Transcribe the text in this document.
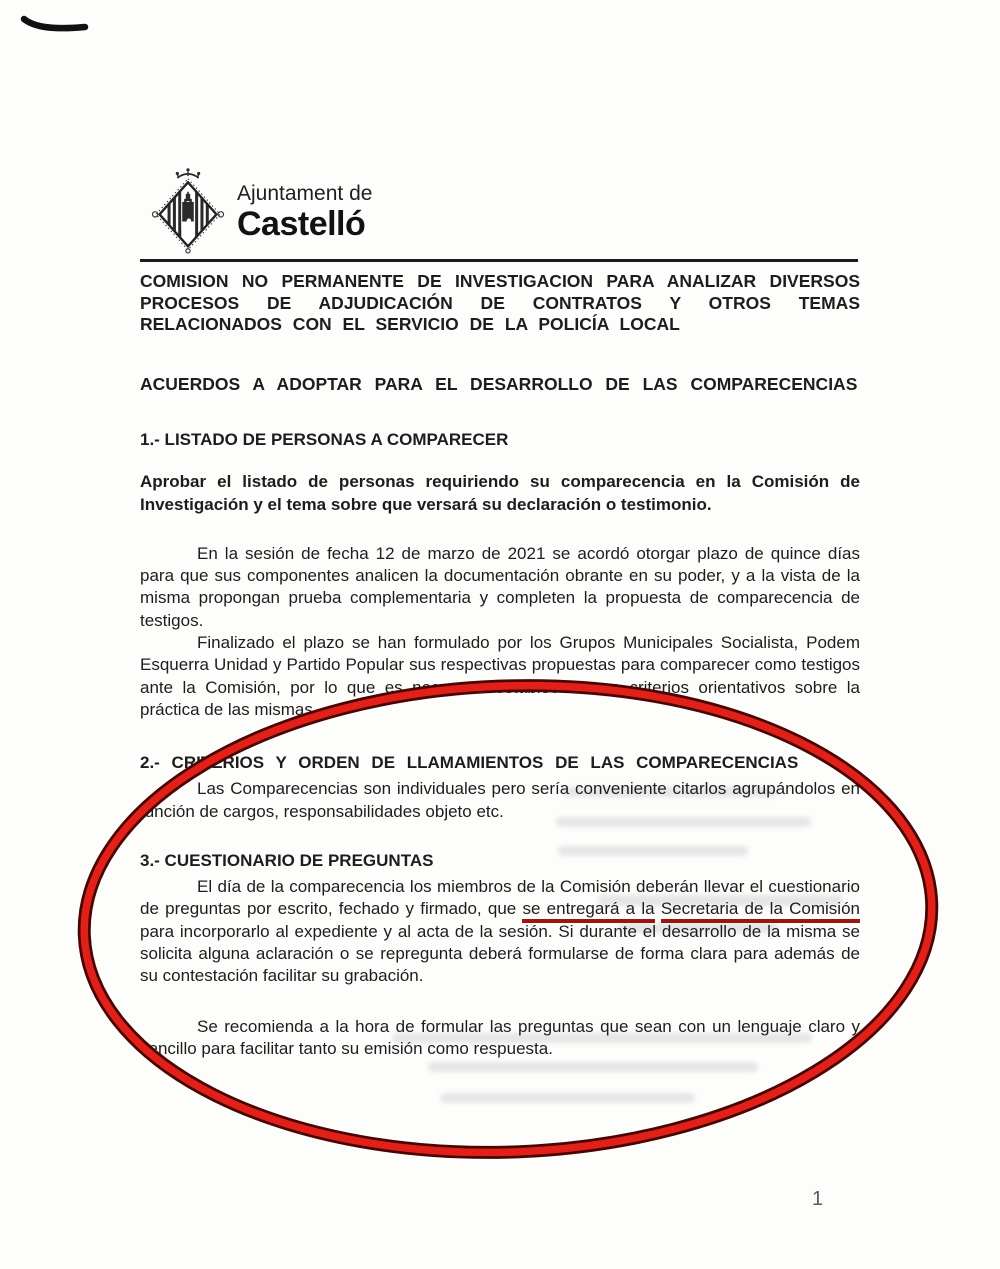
Ajuntament de
Castelló

COMISION NO PERMANENTE DE INVESTIGACION PARA ANALIZAR DIVERSOS PROCESOS DE ADJUDICACIÓN DE CONTRATOS Y OTROS TEMAS RELACIONADOS CON EL SERVICIO DE LA POLICÍA LOCAL

ACUERDOS A ADOPTAR PARA EL DESARROLLO DE LAS COMPARECENCIAS

1.- LISTADO DE PERSONAS A COMPARECER

Aprobar el listado de personas requiriendo su comparecencia en la Comisión de Investigación y el tema sobre que versará su declaración o testimonio.

En la sesión de fecha 12 de marzo de 2021 se acordó otorgar plazo de quince días para que sus componentes analicen la documentación obrante en su poder, y a la vista de la misma propongan prueba complementaria y completen la propuesta de comparecencia de testigos.

Finalizado el plazo se han formulado por los Grupos Municipales Socialista, Podem Esquerra Unidad y Partido Popular sus respectivas propuestas para comparecer como testigos ante la Comisión, por lo que es necesario establecer unos criterios orientativos sobre la práctica de las mismas.

2.- CRITERIOS Y ORDEN DE LLAMAMIENTOS DE LAS COMPARECENCIAS

Las Comparecencias son individuales pero sería conveniente citarlos agrupándolos en función de cargos, responsabilidades objeto etc.

3.- CUESTIONARIO DE PREGUNTAS

El día de la comparecencia los miembros de la Comisión deberán llevar el cuestionario de preguntas por escrito, fechado y firmado, que se entregará a la Secretaria de la Comisión para incorporarlo al expediente y al acta de la sesión. Si durante el desarrollo de la misma se solicita alguna aclaración o se repregunta deberá formularse de forma clara para además de su contestación facilitar su grabación.

Se recomienda a la hora de formular las preguntas que sean con un lenguaje claro y sencillo para facilitar tanto su emisión como respuesta.

1
